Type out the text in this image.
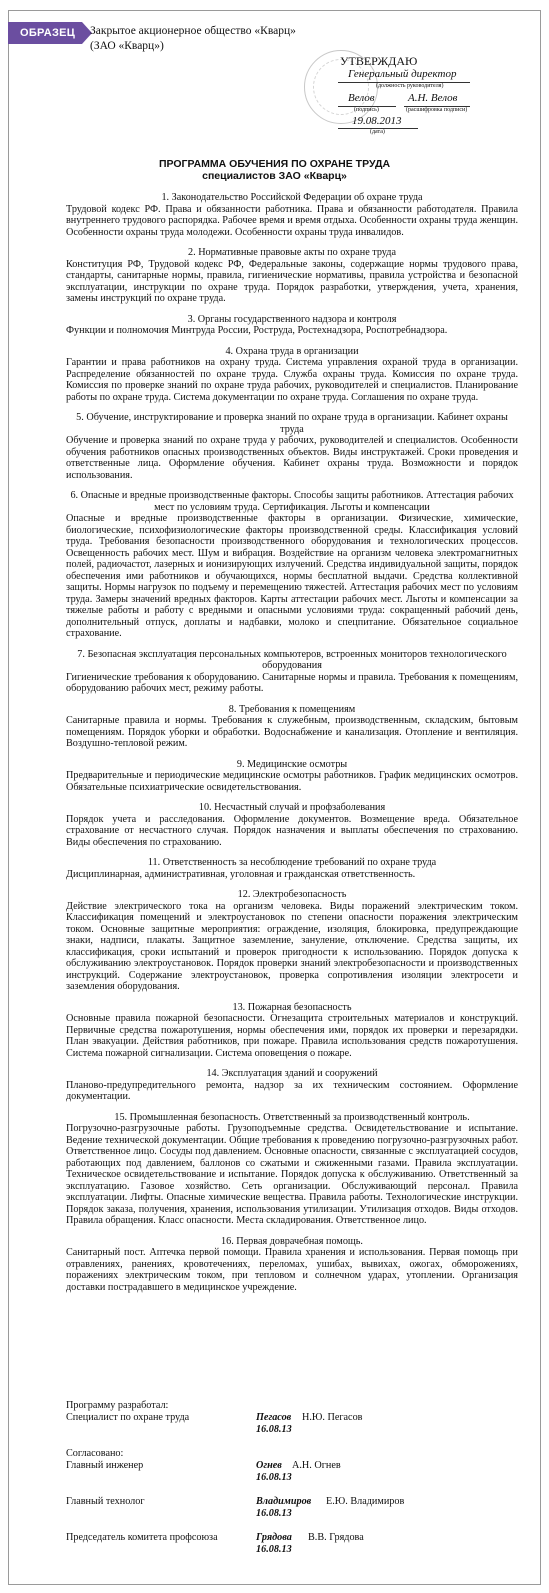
ОБРАЗЕЦ	Закрытое акционерное общество «Кварц»
(ЗАО «Кварц»)
УТВЕРЖДАЮ
Генеральный директор
(должность руководителя)
Велов
(подпись)
А.Н. Велов
(расшифровка подписи)
19.08.2013
(дата)
ПРОГРАММА ОБУЧЕНИЯ ПО ОХРАНЕ ТРУДА
специалистов ЗАО «Кварц»
1. Законодательство Российской Федерации об охране труда
Трудовой кодекс РФ. Права и обязанности работника. Права и обязанности работодателя. Правила внутреннего трудового распорядка. Рабочее время и время отдыха. Особенности охраны труда женщин. Особенности охраны труда молодежи. Особенности охраны труда инвалидов.
2. Нормативные правовые акты по охране труда
Конституция РФ, Трудовой кодекс РФ, Федеральные законы, содержащие нормы трудового права, стандарты, санитарные нормы, правила, гигиенические нормативы, правила устройства и безопасной эксплуатации, инструкции по охране труда. Порядок разработки, утверждения, учета, хранения, замены инструкций по охране труда.
3. Органы государственного надзора и контроля
Функции и полномочия Минтруда России, Роструда, Ростехнадзора, Роспотребнадзора.
4. Охрана труда в организации
Гарантии и права работников на охрану труда. Система управления охраной труда в организации. Распределение обязанностей по охране труда. Служба охраны труда. Комиссия по охране труда. Комиссия по проверке знаний по охране труда рабочих, руководителей и специалистов. Планирование работы по охране труда. Система документации по охране труда. Соглашения по охране труда.
5. Обучение, инструктирование и проверка знаний по охране труда в организации. Кабинет охраны труда
Обучение и проверка знаний по охране труда у рабочих, руководителей и специалистов. Особенности обучения работников опасных производственных объектов. Виды инструктажей. Сроки проведения и ответственные лица. Оформление обучения. Кабинет охраны труда. Возможности и порядок использования.
6. Опасные и вредные производственные факторы. Способы защиты работников. Аттестация рабочих мест по условиям труда. Сертификация. Льготы и компенсации
Опасные и вредные производственные факторы в организации. Физические, химические, биологические, психофизиологические факторы производственной среды. Классификация условий труда. Требования безопасности производственного оборудования и технологических процессов. Освещенность рабочих мест. Шум и вибрация. Воздействие на организм человека электромагнитных полей, радиочастот, лазерных и ионизирующих излучений. Средства индивидуальной защиты, порядок обеспечения ими работников и обучающихся, нормы бесплатной выдачи. Средства коллективной защиты. Нормы нагрузок по подъему и перемещению тяжестей. Аттестация рабочих мест по условиям труда. Замеры значений вредных факторов. Карты аттестации рабочих мест. Льготы и компенсации за тяжелые работы и работу с вредными и опасными условиями труда: сокращенный рабочий день, дополнительный отпуск, доплаты и надбавки, молоко и спецпитание. Обязательное социальное страхование.
7. Безопасная эксплуатация персональных компьютеров, встроенных мониторов технологического оборудования
Гигиенические требования к оборудованию. Санитарные нормы и правила. Требования к помещениям, оборудованию рабочих мест, режиму работы.
8. Требования к помещениям
Санитарные правила и нормы. Требования к служебным, производственным, складским, бытовым помещениям. Порядок уборки и обработки. Водоснабжение и канализация. Отопление и вентиляция. Воздушно-тепловой режим.
9. Медицинские осмотры
Предварительные и периодические медицинские осмотры работников. График медицинских осмотров. Обязательные психиатрические освидетельствования.
10. Несчастный случай и профзаболевания
Порядок учета и расследования. Оформление документов. Возмещение вреда. Обязательное страхование от несчастного случая. Порядок назначения и выплаты обеспечения по страхованию. Виды обеспечения по страхованию.
11. Ответственность за несоблюдение требований по охране труда
Дисциплинарная, административная, уголовная и гражданская ответственность.
12. Электробезопасность
Действие электрического тока на организм человека. Виды поражений электрическим током. Классификация помещений и электроустановок по степени опасности поражения электрическим током. Основные защитные мероприятия: ограждение, изоляция, блокировка, предупреждающие знаки, надписи, плакаты. Защитное заземление, зануление, отключение. Средства защиты, их классификация, сроки испытаний и проверок пригодности к использованию. Порядок допуска к обслуживанию электроустановок. Порядок проверки знаний электробезопасности и производственных инструкций. Содержание электроустановок, проверка сопротивления изоляции электросети и заземления оборудования.
13. Пожарная безопасность
Основные правила пожарной безопасности. Огнезащита строительных материалов и конструкций. Первичные средства пожаротушения, нормы обеспечения ими, порядок их проверки и перезарядки. План эвакуации. Действия работников, при пожаре. Правила использования средств пожаротушения. Система пожарной сигнализации. Система оповещения о пожаре.
14. Эксплуатация зданий и сооружений
Планово-предупредительного ремонта, надзор за их техническим состоянием. Оформление документации.
15. Промышленная безопасность. Ответственный за производственный контроль.
Погрузочно-разгрузочные работы. Грузоподъемные средства. Освидетельствование и испытание. Ведение технической документации. Общие требования к проведению погрузочно-разгрузочных работ. Ответственное лицо. Сосуды под давлением. Основные опасности, связанные с эксплуатацией сосудов, работающих под давлением, баллонов со сжатыми и сжиженными газами. Правила эксплуатации. Техническое освидетельствование и испытание. Порядок допуска к обслуживанию. Ответственный за эксплуатацию. Газовое хозяйство. Сеть организации. Обслуживающий персонал. Правила эксплуатации. Лифты. Опасные химические вещества. Правила работы. Технологические инструкции. Порядок заказа, получения, хранения, использования утилизации. Утилизация отходов. Виды отходов. Правила обращения. Класс опасности. Места складирования. Ответственное лицо.
16. Первая доврачебная помощь.
Санитарный пост. Аптечка первой помощи. Правила хранения и использования. Первая помощь при отравлениях, ранениях, кровотечениях, переломах, ушибах, вывихах, ожогах, обморожениях, поражениях электрическим током, при тепловом и солнечном ударах, утоплении. Организация доставки пострадавшего в медицинское учреждение.
Программу разработал:
Специалист по охране труда	Пегасов Н.Ю. Пегасов
16.08.13
Согласовано:
Главный инженер	Огнев А.Н. Огнев
16.08.13
Главный технолог	Владимиров Е.Ю. Владимиров
16.08.13
Председатель комитета профсоюза	Грядова В.В. Грядова
16.08.13
